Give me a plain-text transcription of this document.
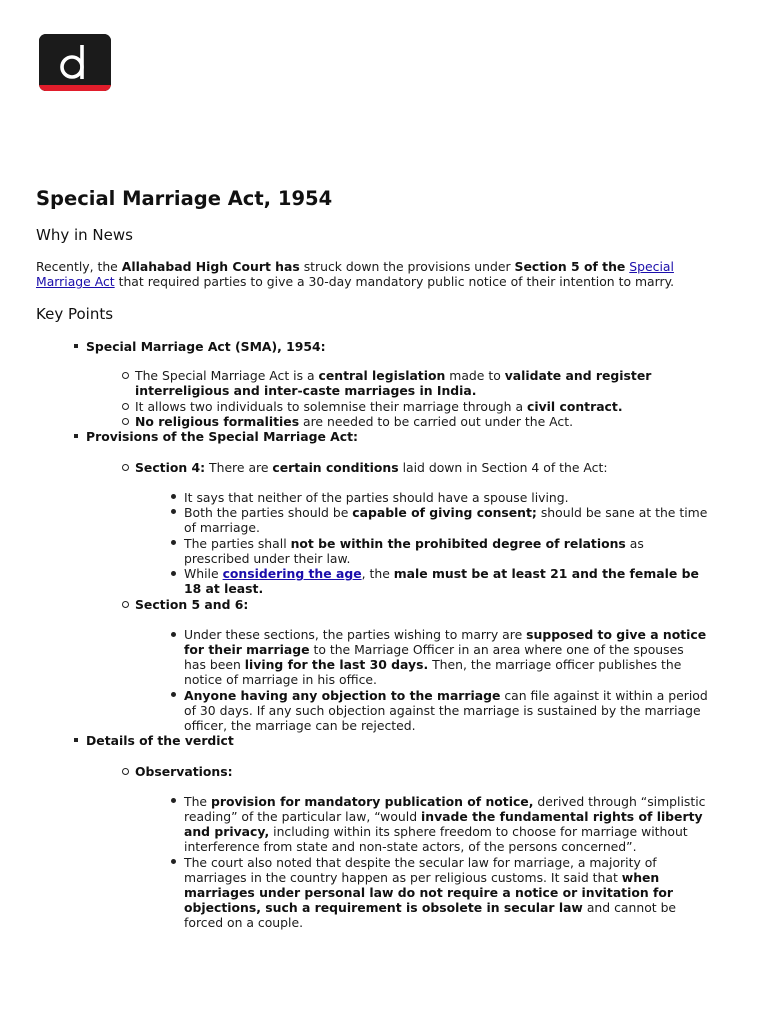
Special Marriage Act, 1954
Why in News
Recently, the Allahabad High Court has struck down the provisions under Section 5 of the Special
Marriage Act that required parties to give a 30-day mandatory public notice of their intention to marry.
Key Points
Special Marriage Act (SMA), 1954:
The Special Marriage Act is a central legislation made to validate and register
interreligious and inter-caste marriages in India.
It allows two individuals to solemnise their marriage through a civil contract.
No religious formalities are needed to be carried out under the Act.
Provisions of the Special Marriage Act:
Section 4: There are certain conditions laid down in Section 4 of the Act:
It says that neither of the parties should have a spouse living.
Both the parties should be capable of giving consent; should be sane at the time
of marriage.
The parties shall not be within the prohibited degree of relations as
prescribed under their law.
While considering the age, the male must be at least 21 and the female be
18 at least.
Section 5 and 6:
Under these sections, the parties wishing to marry are supposed to give a notice
for their marriage to the Marriage Officer in an area where one of the spouses
has been living for the last 30 days. Then, the marriage officer publishes the
notice of marriage in his office.
Anyone having any objection to the marriage can file against it within a period
of 30 days. If any such objection against the marriage is sustained by the marriage
officer, the marriage can be rejected.
Details of the verdict
Observations:
The provision for mandatory publication of notice, derived through “simplistic
reading” of the particular law, “would invade the fundamental rights of liberty
and privacy, including within its sphere freedom to choose for marriage without
interference from state and non-state actors, of the persons concerned”.
The court also noted that despite the secular law for marriage, a majority of
marriages in the country happen as per religious customs. It said that when
marriages under personal law do not require a notice or invitation for
objections, such a requirement is obsolete in secular law and cannot be
forced on a couple.
